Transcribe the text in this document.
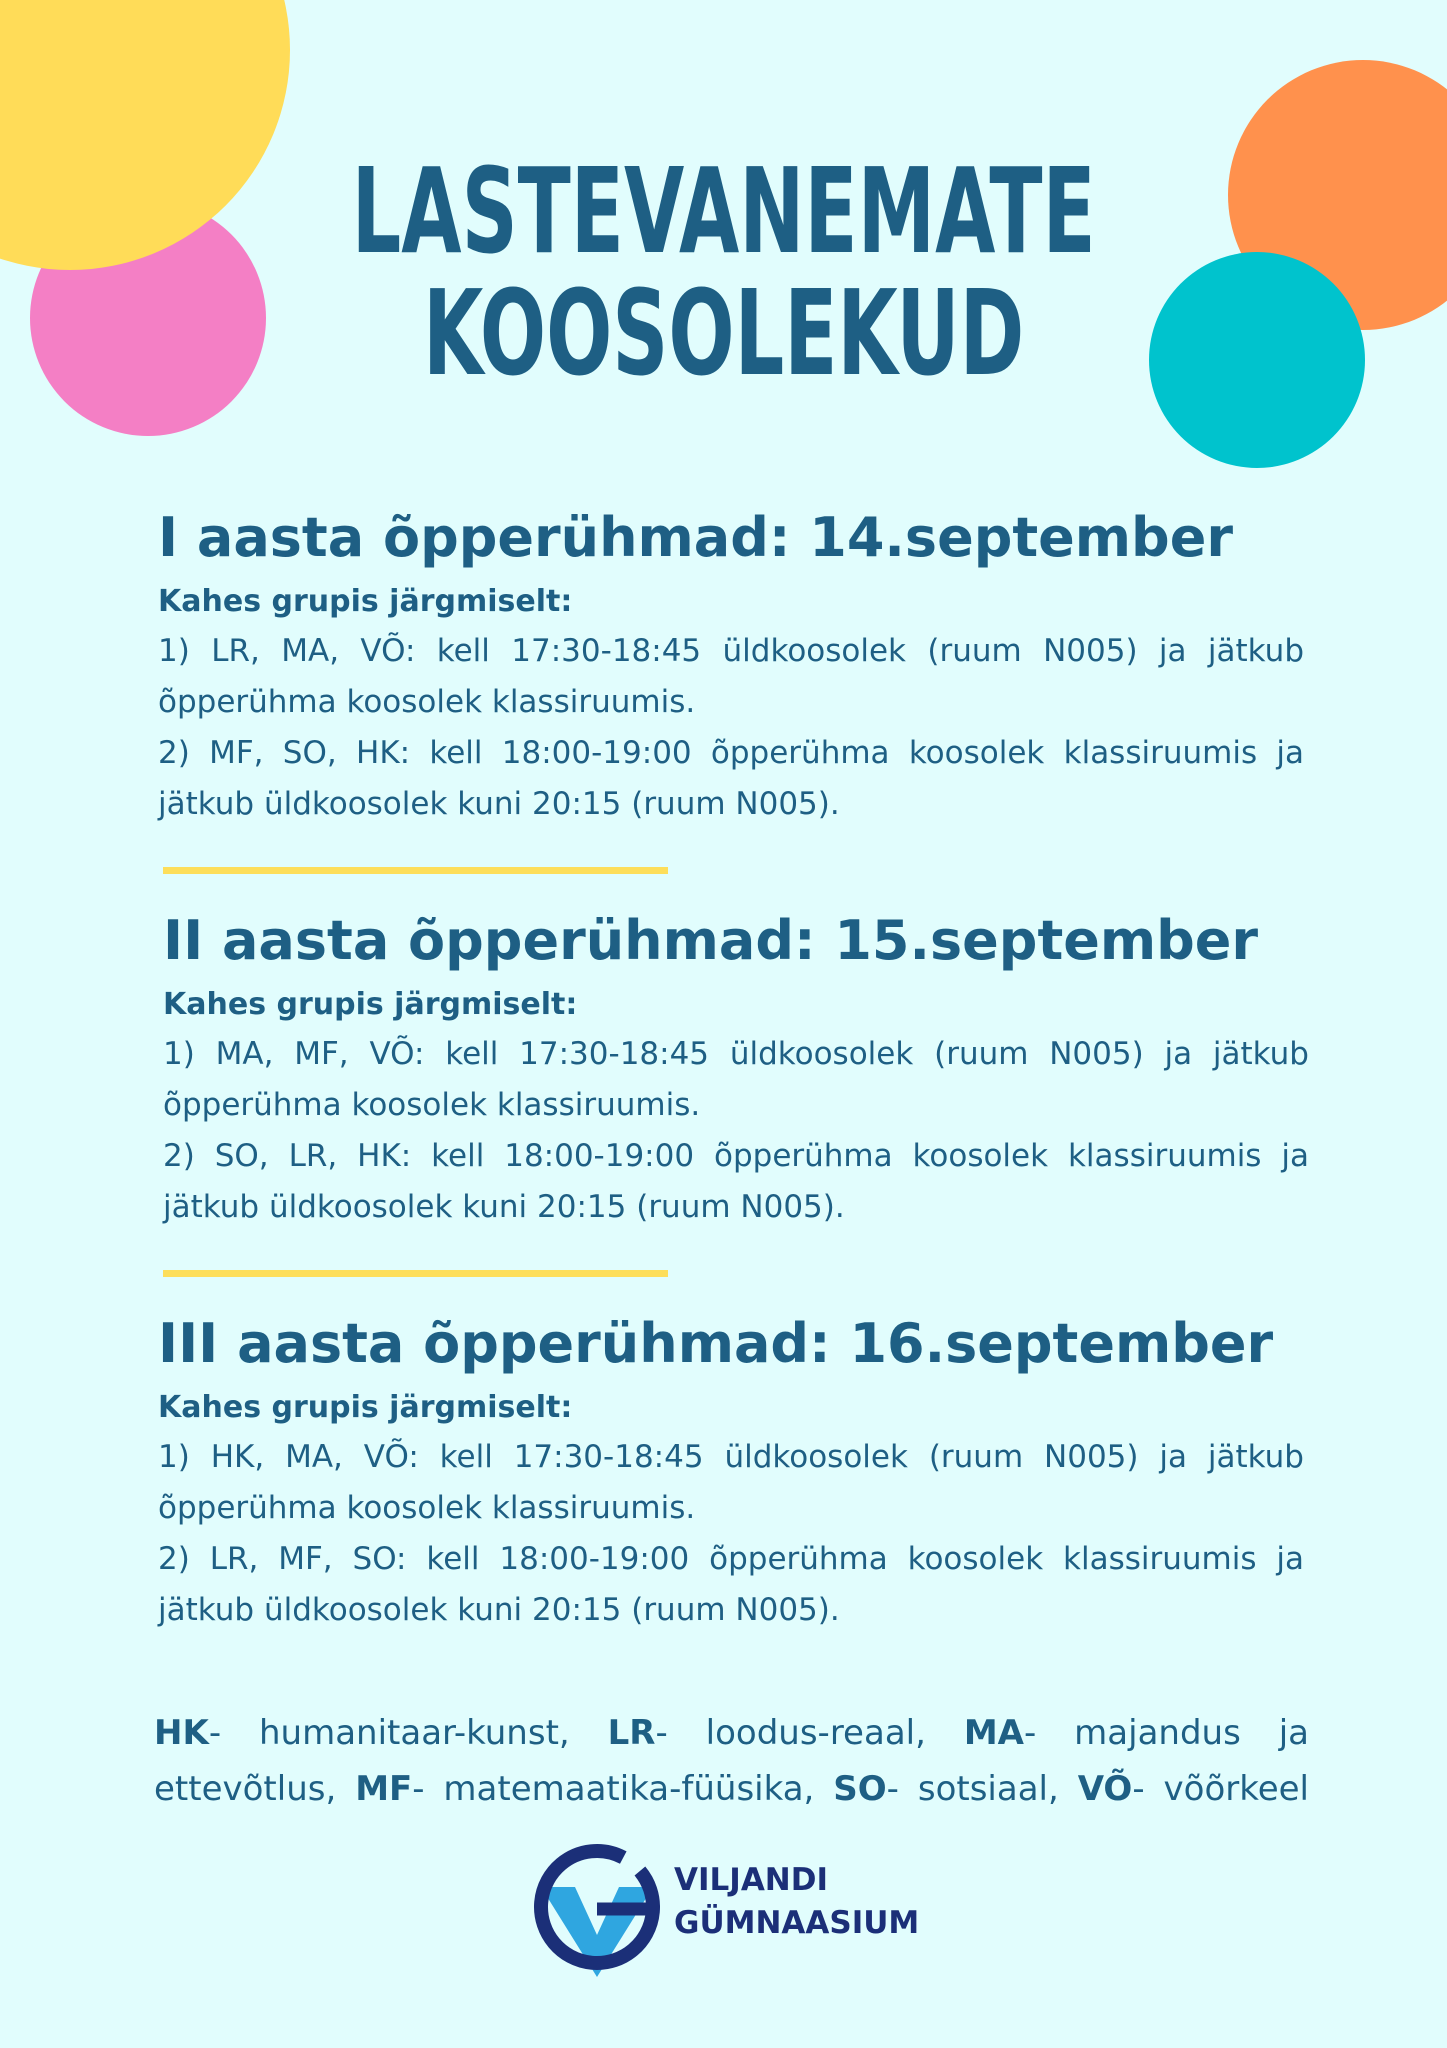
LASTEVANEMATE
KOOSOLEKUD
I aasta õpperühmad: 14.september
Kahes grupis järgmiselt:

1) LR, MA, VÕ: kell 17:30-18:45 üldkoosolek (ruum N005) ja jätkub õpperühma koosolek klassiruumis.

2) MF, SO, HK: kell 18:00-19:00 õpperühma koosolek klassiruumis ja jätkub üldkoosolek kuni 20:15 (ruum N005).

II aasta õpperühmad: 15.september
Kahes grupis järgmiselt:

1) MA, MF, VÕ: kell 17:30-18:45 üldkoosolek (ruum N005) ja jätkub õpperühma koosolek klassiruumis.

2) SO, LR, HK: kell 18:00-19:00 õpperühma koosolek klassiruumis ja jätkub üldkoosolek kuni 20:15 (ruum N005).

III aasta õpperühmad: 16.september
Kahes grupis järgmiselt:

1) HK, MA, VÕ: kell 17:30-18:45 üldkoosolek (ruum N005) ja jätkub õpperühma koosolek klassiruumis.

2) LR, MF, SO: kell 18:00-19:00 õpperühma koosolek klassiruumis ja jätkub üldkoosolek kuni 20:15 (ruum N005).

HK- humanitaar-kunst, LR- loodus-reaal, MA- majandus ja ettevõtlus, MF- matemaatika-füüsika, SO- sotsiaal, VÕ- võõrkeel
VILJANDI
GÜMNAASIUM
